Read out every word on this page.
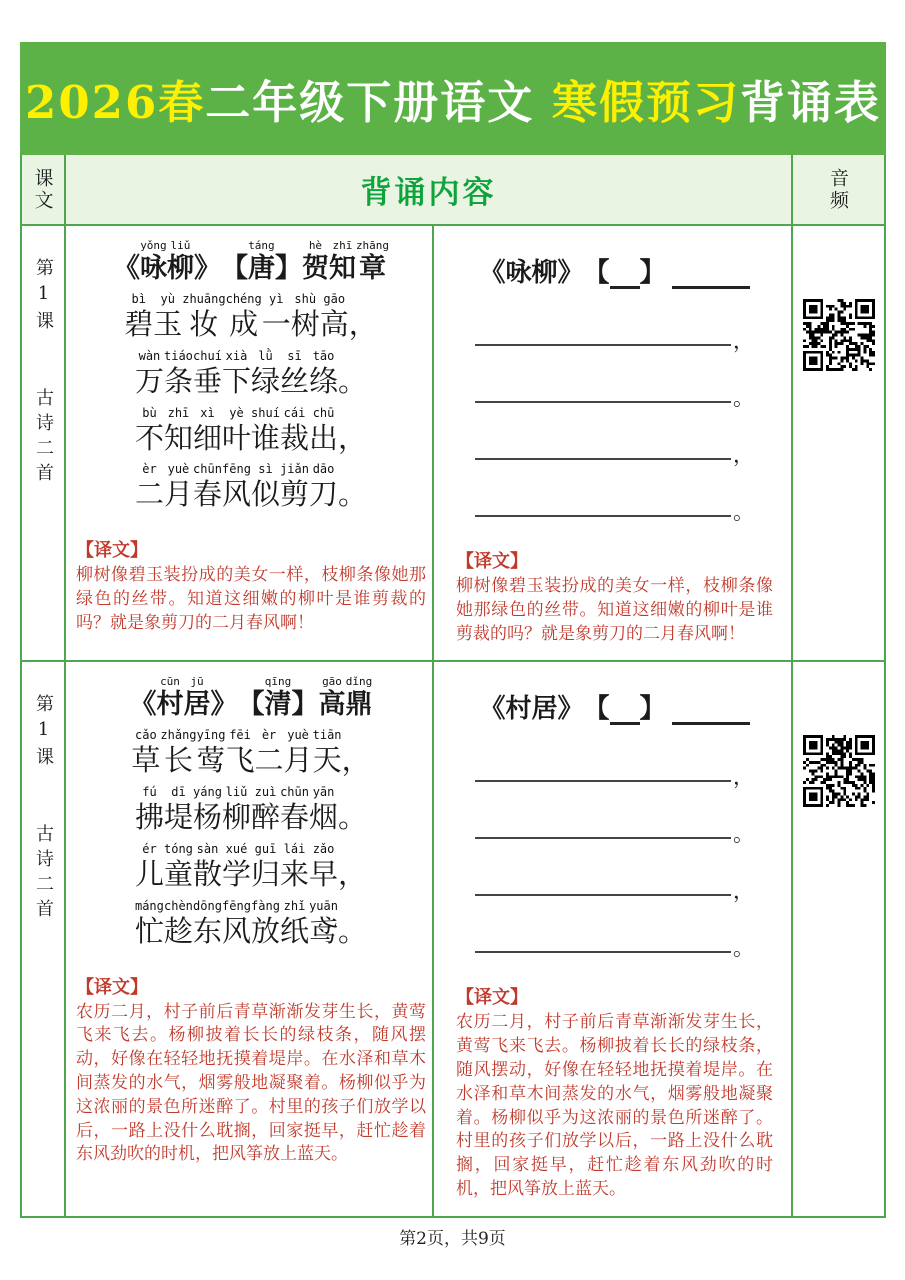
2026春 二年级下册语文 寒假预习 背诵表
课文	背诵内容	音频
第1课 古诗二首

《
yǒng
咏
liǔ
柳
》
【
táng
唐
】
hè
贺
zhī
知
zhāng
章
bì
碧
yù
玉
zhuāng
妆
chéng
成
yì
一
shù
树
gāo
高
，
wàn
万
tiáo
条
chuí
垂
xià
下
lǜ
绿
sī
丝
tāo
绦
。
bù
不
zhī
知
xì
细
yè
叶
shuí
谁
cái
裁
chū
出
，
èr
二
yuè
月
chūn
春
fēng
风
sì
似
jiǎn
剪
dāo
刀
。
【译文】
柳树像碧玉装扮成的美女一样，枝柳条像她那绿色的丝带。知道这细嫩的柳叶是谁剪裁的吗？就是象剪刀的二月春风啊！
《咏柳》 【 】
，
。
，
。
【译文】
柳树像碧玉装扮成的美女一样，枝柳条像她那绿色的丝带。知道这细嫩的柳叶是谁剪裁的吗？就是象剪刀的二月春风啊！
第1课 古诗二首

《
cūn
村
jū
居
》
【
qīng
清
】
gāo
高
dǐng
鼎
cǎo
草
zhǎng
长
yīng
莺
fēi
飞
èr
二
yuè
月
tiān
天
，
fú
拂
dī
堤
yáng
杨
liǔ
柳
zuì
醉
chūn
春
yān
烟
。
ér
儿
tóng
童
sàn
散
xué
学
guī
归
lái
来
zǎo
早
，
máng
忙
chèn
趁
dōng
东
fēng
风
fàng
放
zhǐ
纸
yuān
鸢
。
【译文】
农历二月，村子前后青草渐渐发芽生长，黄莺飞来飞去。杨柳披着长长的绿枝条，随风摆动，好像在轻轻地抚摸着堤岸。在水泽和草木间蒸发的水气，烟雾般地凝聚着。杨柳似乎为这浓丽的景色所迷醉了。村里的孩子们放学以后，一路上没什么耽搁，回家挺早，赶忙趁着东风劲吹的时机，把风筝放上蓝天。
《村居》 【 】
，
。
，
。
【译文】
农历二月，村子前后青草渐渐发芽生长，黄莺飞来飞去。杨柳披着长长的绿枝条，随风摆动，好像在轻轻地抚摸着堤岸。在水泽和草木间蒸发的水气，烟雾般地凝聚着。杨柳似乎为这浓丽的景色所迷醉了。村里的孩子们放学以后，一路上没什么耽搁，回家挺早，赶忙趁着东风劲吹的时机，把风筝放上蓝天。
第2页，共9页
